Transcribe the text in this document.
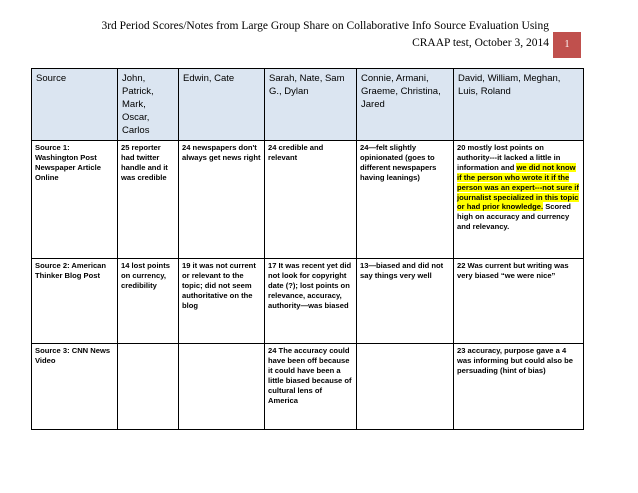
3rd Period Scores/Notes from Large Group Share on Collaborative Info Source Evaluation Using
CRAAP test, October 3, 2014	1
Source	John, Patrick, Mark, Oscar, Carlos	Edwin, Cate	Sarah, Nate, Sam G., Dylan	Connie, Armani, Graeme, Christina, Jared	David, William, Meghan, Luis, Roland
Source 1: Washington Post Newspaper Article Online	25 reporter had twitter handle and it was credible	24 newspapers don't always get news right	24 credible and relevant	24—felt slightly opinionated (goes to different newspapers having leanings)	20 mostly lost points on authority---it lacked a little in information and we did not know if the person who wrote it if the person was an expert---not sure if journalist specialized in this topic or had prior knowledge. Scored high on accuracy and currency and relevancy.
Source 2: American Thinker Blog Post	14 lost points on currency, credibility	19 it was not current or relevant to the topic; did not seem authoritative on the blog	17 It was recent yet did not look for copyright date (?); lost points on relevance, accuracy, authority—was biased	13—biased and did not say things very well	22 Was current but writing was very biased “we were nice”
Source 3: CNN News Video			24 The accuracy could have been off because it could have been a little biased because of cultural lens of America		23 accuracy, purpose gave a 4 was informing but could also be persuading (hint of bias)
